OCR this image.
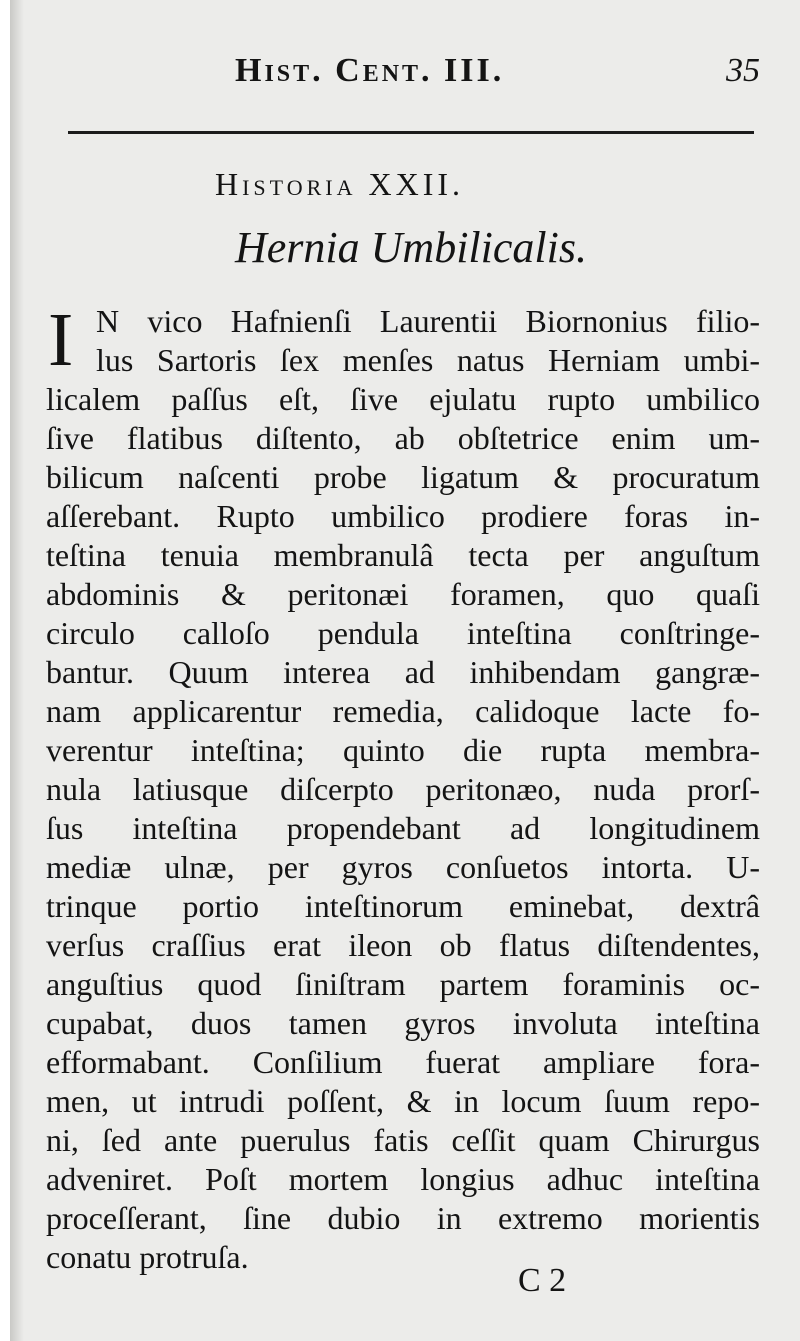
Hist. Cent. III.	35
Historia XXII.
Hernia Umbilicalis.
I N vico Hafnienſi Laurentii Biornonius filio-
lus Sartoris ſex menſes natus Herniam umbi-
licalem paſſus eſt, ſive ejulatu rupto umbilico
ſive flatibus diſtento, ab obſtetrice enim um-
bilicum naſcenti probe ligatum & procuratum
aſſerebant. Rupto umbilico prodiere foras in-
teſtina tenuia membranulâ tecta per anguſtum
abdominis & peritonæi foramen, quo quaſi
circulo calloſo pendula inteſtina conſtringe-
bantur. Quum interea ad inhibendam gangræ-
nam applicarentur remedia, calidoque lacte fo-
verentur inteſtina; quinto die rupta membra-
nula latiusque diſcerpto peritonæo, nuda prorſ-
ſus inteſtina propendebant ad longitudinem
mediæ ulnæ, per gyros conſuetos intorta. U-
trinque portio inteſtinorum eminebat, dextrâ
verſus craſſius erat ileon ob flatus diſtendentes,
anguſtius quod ſiniſtram partem foraminis oc-
cupabat, duos tamen gyros involuta inteſtina
efformabant. Conſilium fuerat ampliare fora-
men, ut intrudi poſſent, & in locum ſuum repo-
ni, ſed ante puerulus fatis ceſſit quam Chirurgus
adveniret. Poſt mortem longius adhuc inteſtina
proceſſerant, ſine dubio in extremo morientis
conatu protruſa.
C 2
